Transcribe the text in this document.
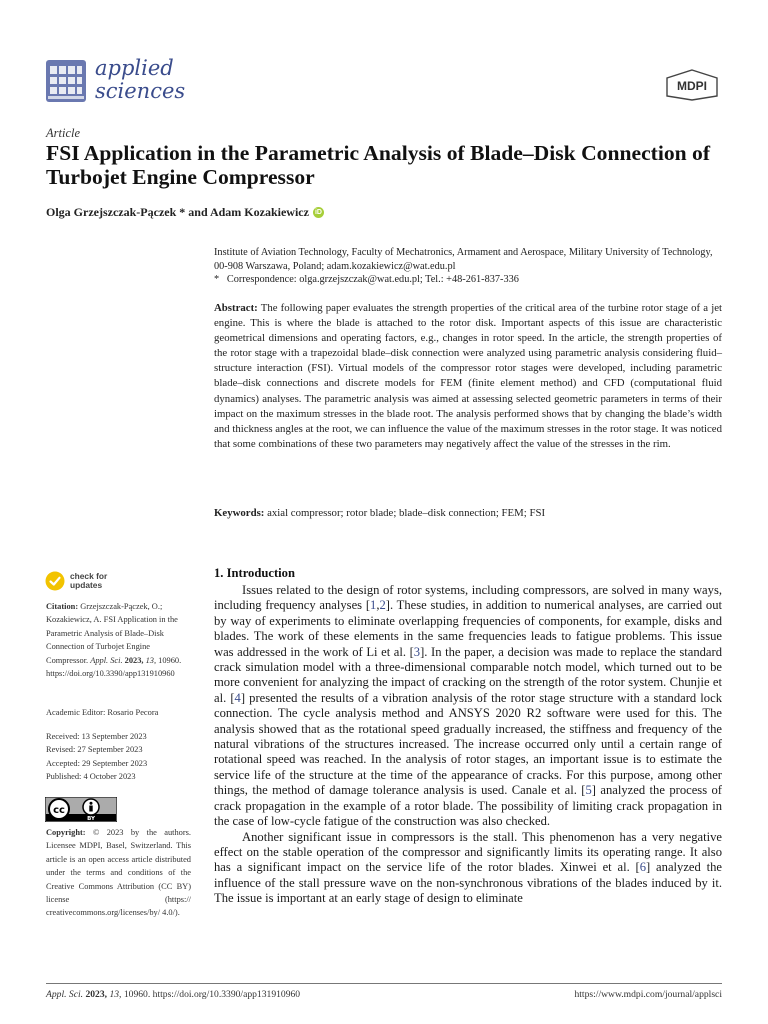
applied
sciences	MDPI
Article
FSI Application in the Parametric Analysis of Blade–Disk Connection of Turbojet Engine Compressor
Olga Grzejszczak-Pączek * and Adam Kozakiewicz iD
Institute of Aviation Technology, Faculty of Mechatronics, Armament and Aerospace, Military University of Technology, 00-908 Warszawa, Poland; adam.kozakiewicz@wat.edu.pl
* Correspondence: olga.grzejszczak@wat.edu.pl; Tel.: +48-261-837-336
Abstract: The following paper evaluates the strength properties of the critical area of the turbine rotor stage of a jet engine. This is where the blade is attached to the rotor disk. Important aspects of this issue are characteristic geometrical dimensions and operating factors, e.g., changes in rotor speed. In the article, the strength properties of the rotor stage with a trapezoidal blade–disk connection were analyzed using parametric analysis considering fluid–structure interaction (FSI). Virtual models of the compressor rotor stages were developed, including parametric blade–disk connections and discrete models for FEM (finite element method) and CFD (computational fluid dynamics) analyses. The parametric analysis was aimed at assessing selected geometric parameters in terms of their impact on the maximum stresses in the blade root. The analysis performed shows that by changing the blade’s width and thickness angles at the root, we can influence the value of the maximum stresses in the rotor stage. It was noticed that some combinations of these two parameters may negatively affect the value of the stresses in the rim.
Keywords: axial compressor; rotor blade; blade–disk connection; FEM; FSI
check for
updates
Citation: Grzejszczak-Pączek, O.; Kozakiewicz, A. FSI Application in the Parametric Analysis of Blade–Disk Connection of Turbojet Engine Compressor. Appl. Sci. 2023, 13, 10960. https://doi.org/10.3390/app131910960
Academic Editor: Rosario Pecora
Received: 13 September 2023
Revised: 27 September 2023
Accepted: 29 September 2023
Published: 4 October 2023
cc
BY
Copyright: © 2023 by the authors. Licensee MDPI, Basel, Switzerland. This article is an open access article distributed under the terms and conditions of the Creative Commons Attribution (CC BY) license (https:// creativecommons.org/licenses/by/ 4.0/).
1. Introduction

Issues related to the design of rotor systems, including compressors, are solved in many ways, including frequency analyses [1,2]. These studies, in addition to numerical analyses, are carried out by way of experiments to eliminate overlapping frequencies of components, for example, disks and blades. The work of these elements in the same frequencies leads to fatigue problems. This issue was addressed in the work of Li et al. [3]. In the paper, a decision was made to replace the standard crack simulation model with a three-dimensional comparable notch model, which turned out to be more convenient for analyzing the impact of cracking on the strength of the rotor system. Chunjie et al. [4] presented the results of a vibration analysis of the rotor stage structure with a standard lock connection. The cycle analysis method and ANSYS 2020 R2 software were used for this. The analysis showed that as the rotational speed gradually increased, the stiffness and frequency of the natural vibrations of the structures increased. The increase occurred only until a certain range of rotational speed was reached. In the analysis of rotor stages, an important issue is to estimate the service life of the structure at the time of the appearance of cracks. For this purpose, among other things, the method of damage tolerance analysis is used. Canale et al. [5] analyzed the process of crack propagation in the example of a rotor blade. The possibility of limiting crack propagation in the case of low-cycle fatigue of the construction was also checked.

Another significant issue in compressors is the stall. This phenomenon has a very negative effect on the stable operation of the compressor and significantly limits its operating range. It also has a significant impact on the service life of the rotor blades. Xinwei et al. [6] analyzed the influence of the stall pressure wave on the non-synchronous vibrations of the blades induced by it. The issue is important at an early stage of design to eliminate

Appl. Sci. 2023, 13, 10960. https://doi.org/10.3390/app131910960	https://www.mdpi.com/journal/applsci
